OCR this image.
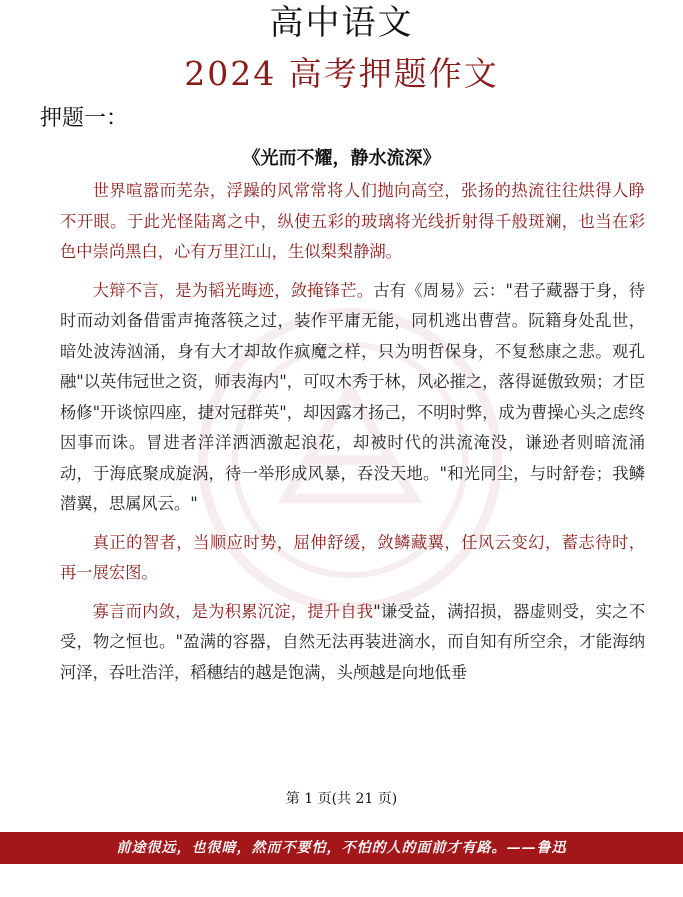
高中语文
2024 高考押题作文
押题一：
《光而不耀，静水流深》

世界喧嚣而芜杂，浮躁的风常常将人们抛向高空，张扬的热流往往烘得人睁不开眼。于此光怪陆离之中，纵使五彩的玻璃将光线折射得千般斑斓，也当在彩色中崇尚黑白，心有万里江山，生似梨梨静湖。

大辩不言，是为韬光晦迹，敛掩锋芒。古有《周易》云："君子藏器于身，待时而动刘备借雷声掩落筷之过，装作平庸无能，同机逃出曹营。阮籍身处乱世，暗处波涛汹涌，身有大才却故作疯魔之样，只为明哲保身，不复愁康之悲。观孔融"以英伟冠世之资，师表海内"，可叹木秀于林，风必摧之，落得诞傲致殒；才臣杨修"开谈惊四座，捷对冠群英"，却因露才扬己，不明时弊，成为曹操心头之虑终因事而诛。冒进者洋洋洒洒激起浪花，却被时代的洪流淹没，谦逊者则暗流涌动，于海底聚成旋涡，待一举形成风暴，吞没天地。"和光同尘，与时舒卷；我鳞潜翼，思属风云。"

真正的智者，当顺应时势，屈伸舒缓，敛鳞藏翼，任风云变幻，蓄志待时，再一展宏图。

寡言而内敛，是为积累沉淀，提升自我"谦受益，满招损，器虚则受，实之不受，物之恒也。"盈满的容器，自然无法再装进滴水，而自知有所空余，才能海纳河泽，吞吐浩洋，稻穗结的越是饱满，头颅越是向地低垂

第 1 页(共 21 页)
前途很远，也很暗，然而不要怕，不怕的人的面前才有路。——鲁迅
